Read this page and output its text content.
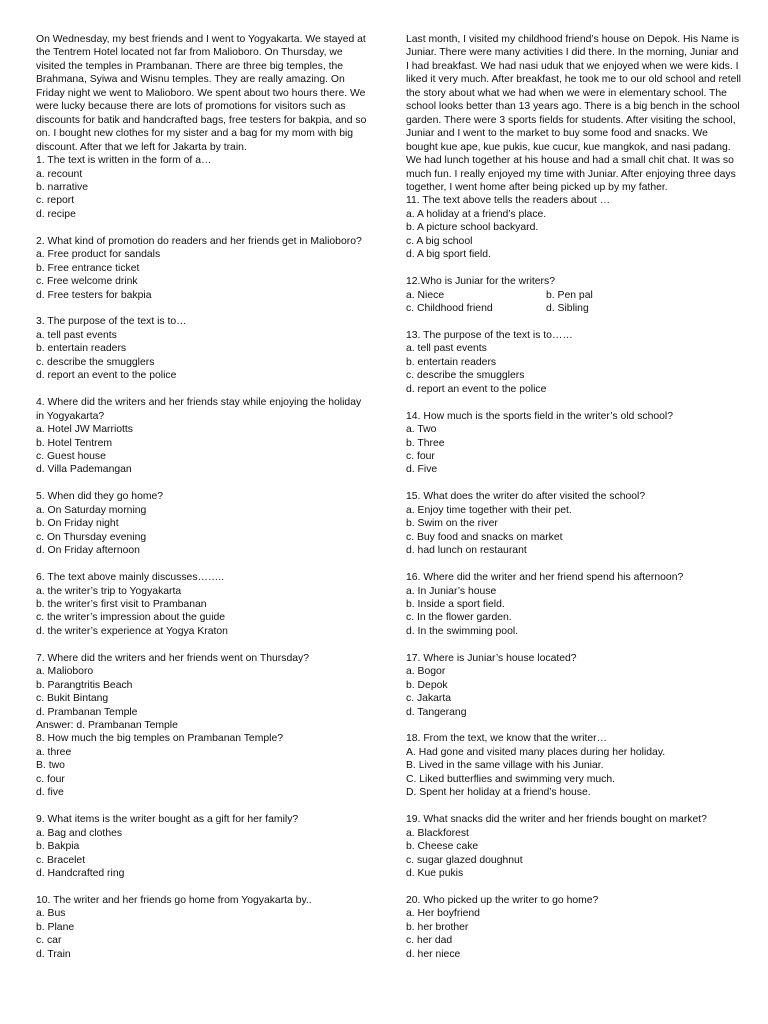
On Wednesday, my best friends and I went to Yogyakarta. We stayed at the Tentrem Hotel located not far from Malioboro. On Thursday, we visited the temples in Prambanan. There are three big temples, the Brahmana, Syiwa and Wisnu temples. They are really amazing. On Friday night we went to Malioboro. We spent about two hours there. We were lucky because there are lots of promotions for visitors such as discounts for batik and handcrafted bags, free testers for bakpia, and so on. I bought new clothes for my sister and a bag for my mom with big discount. After that we left for Jakarta by train.

1. The text is written in the form of a…
a. recount
b. narrative
c. report
d. recipe
2. What kind of promotion do readers and her friends get in Malioboro?
a. Free product for sandals
b. Free entrance ticket
c. Free welcome drink
d. Free testers for bakpia
3. The purpose of the text is to…
a. tell past events
b. entertain readers
c. describe the smugglers
d. report an event to the police
4. Where did the writers and her friends stay while enjoying the holiday in Yogyakarta?
a. Hotel JW Marriotts
b. Hotel Tentrem
c. Guest house
d. Villa Pademangan
5. When did they go home?
a. On Saturday morning
b. On Friday night
c. On Thursday evening
d. On Friday afternoon
6. The text above mainly discusses……..
a. the writer’s trip to Yogyakarta
b. the writer’s first visit to Prambanan
c. the writer’s impression about the guide
d. the writer’s experience at Yogya Kraton
7. Where did the writers and her friends went on Thursday?
a. Malioboro
b. Parangtritis Beach
c. Bukit Bintang
d. Prambanan Temple
Answer: d. Prambanan Temple
8. How much the big temples on Prambanan Temple?
a. three
B. two
c. four
d. five
9. What items is the writer bought as a gift for her family?
a. Bag and clothes
b. Bakpia
c. Bracelet
d. Handcrafted ring
10. The writer and her friends go home from Yogyakarta by..
a. Bus
b. Plane
c. car
d. Train

Last month, I visited my childhood friend’s house on Depok. His Name is Juniar. There were many activities I did there. In the morning, Juniar and I had breakfast. We had nasi uduk that we enjoyed when we were kids. I liked it very much. After breakfast, he took me to our old school and retell the story about what we had when we were in elementary school. The school looks better than 13 years ago. There is a big bench in the school garden. There were 3 sports fields for students. After visiting the school, Juniar and I went to the market to buy some food and snacks. We bought kue ape, kue pukis, kue cucur, kue mangkok, and nasi padang. We had lunch together at his house and had a small chit chat. It was so much fun. I really enjoyed my time with Juniar. After enjoying three days together, I went home after being picked up by my father.

11. The text above tells the readers about …
a. A holiday at a friend’s place.
b. A picture school backyard.
c. A big school
d. A big sport field.
12.Who is Juniar for the writers?
a. Niece	b. Pen pal
c. Childhood friend	d. Sibling
13. The purpose of the text is to……
a. tell past events
b. entertain readers
c. describe the smugglers
d. report an event to the police
14. How much is the sports field in the writer’s old school?
a. Two
b. Three
c. four
d. Five
15. What does the writer do after visited the school?
a. Enjoy time together with their pet.
b. Swim on the river
c. Buy food and snacks on market
d. had lunch on restaurant
16. Where did the writer and her friend spend his afternoon?
a. In Juniar’s house
b. Inside a sport field.
c. In the flower garden.
d. In the swimming pool.
17. Where is Juniar’s house located?
a. Bogor
b. Depok
c. Jakarta
d. Tangerang
18. From the text, we know that the writer…
A. Had gone and visited many places during her holiday.
B. Lived in the same village with his Juniar.
C. Liked butterflies and swimming very much.
D. Spent her holiday at a friend’s house.
19. What snacks did the writer and her friends bought on market?
a. Blackforest
b. Cheese cake
c. sugar glazed doughnut
d. Kue pukis
20. Who picked up the writer to go home?
a. Her boyfriend
b. her brother
c. her dad
d. her niece
